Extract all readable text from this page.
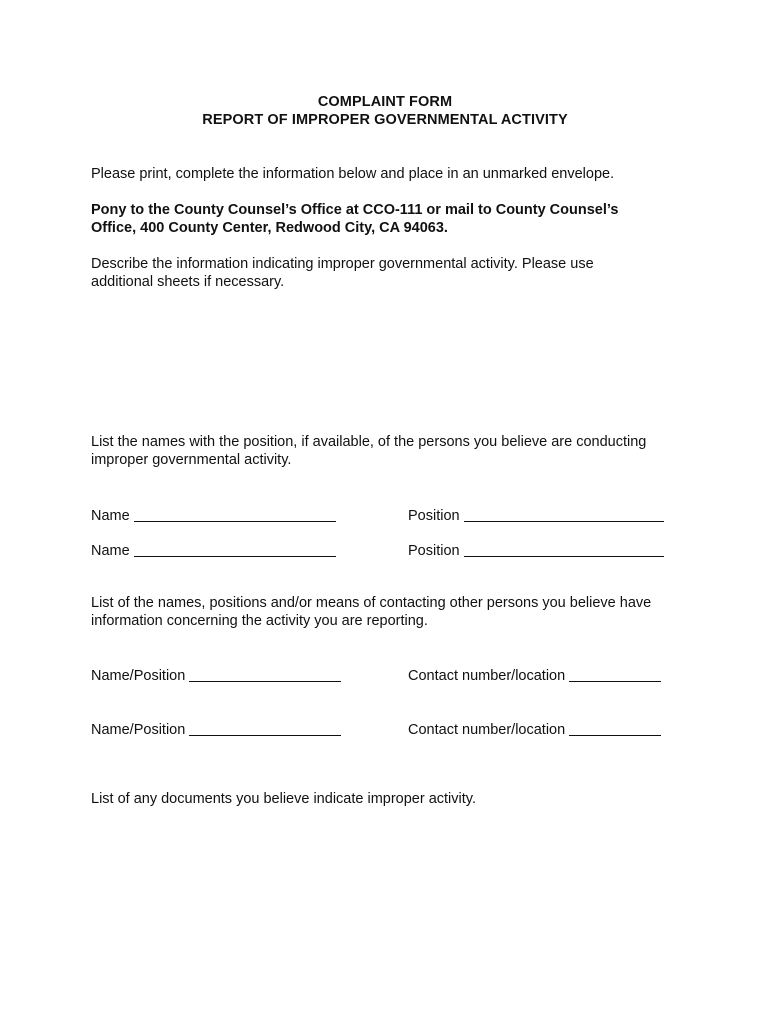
COMPLAINT FORM
REPORT OF IMPROPER GOVERNMENTAL ACTIVITY
Please print, complete the information below and place in an unmarked envelope.
Pony to the County Counsel’s Office at CCO-111 or mail to County Counsel’s
Office, 400 County Center, Redwood City, CA 94063.
Describe the information indicating improper governmental activity. Please use
additional sheets if necessary.
List the names with the position, if available, of the persons you believe are conducting
improper governmental activity.
Name	Position
Name	Position
List of the names, positions and/or means of contacting other persons you believe have
information concerning the activity you are reporting.
Name/Position	Contact number/location
Name/Position	Contact number/location
List of any documents you believe indicate improper activity.
